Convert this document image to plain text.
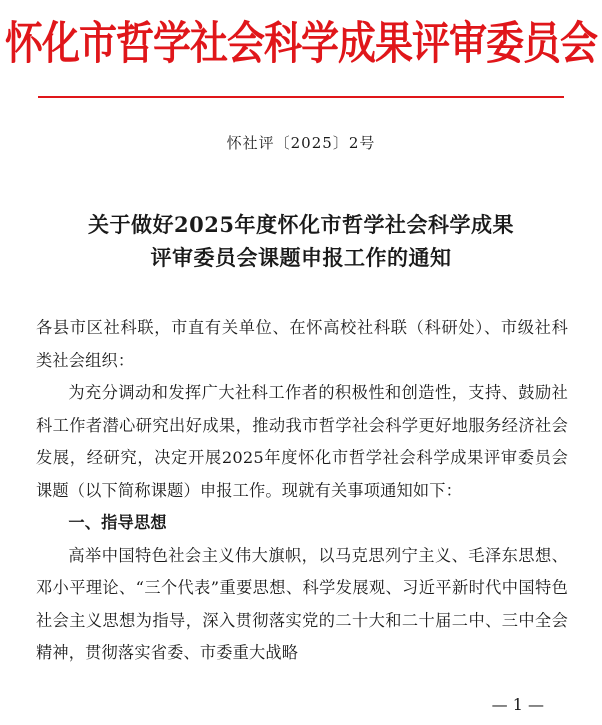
怀化市哲学社会科学成果评审委员会
怀社评〔2025〕2号
关于做好2025年度怀化市哲学社会科学成果
评审委员会课题申报工作的通知

各县市区社科联，市直有关单位、在怀高校社科联（科研处）、市级社科类社会组织：

为充分调动和发挥广大社科工作者的积极性和创造性，支持、鼓励社科工作者潜心研究出好成果，推动我市哲学社会科学更好地服务经济社会发展，经研究，决定开展2025年度怀化市哲学社会科学成果评审委员会课题（以下简称课题）申报工作。现就有关事项通知如下：

一、指导思想

高举中国特色社会主义伟大旗帜，以马克思列宁主义、毛泽东思想、邓小平理论、“三个代表”重要思想、科学发展观、习近平新时代中国特色社会主义思想为指导，深入贯彻落实党的二十大和二十届二中、三中全会精神，贯彻落实省委、市委重大战略

— 1 —
